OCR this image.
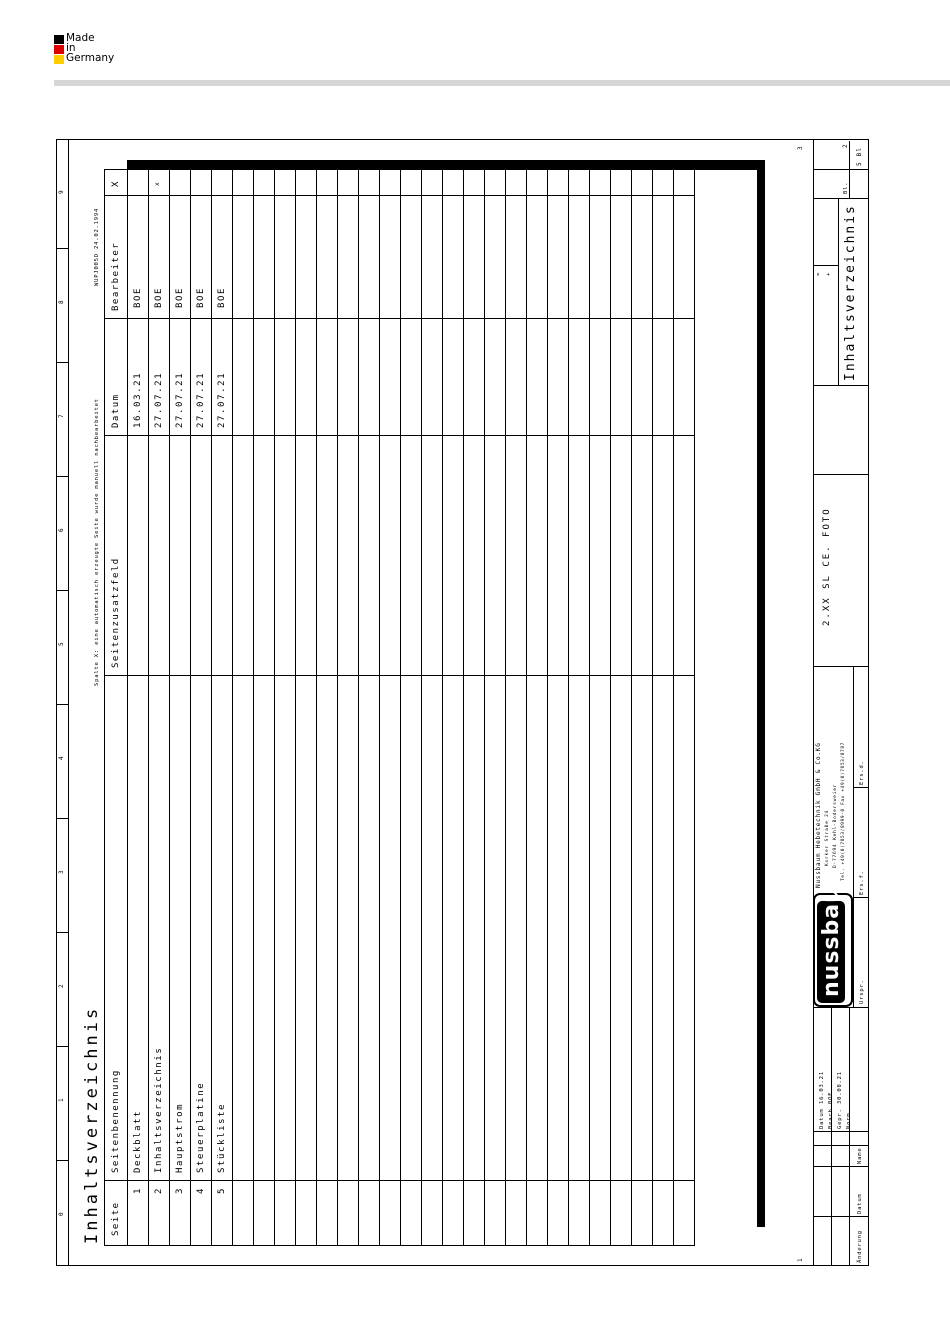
Made
in
Germany
0
1
2
3
4
5
6
7
8
9
Inhaltsverzeichnis
Spalte X: eine automatisch erzeugte Seite wurde manuell nachbearbeitet
WUPJ005D 24.02.1994
Seite
Seitenbenennung
Seitenzusatzfeld
Datum
Bearbeiter
X
1
Deckblatt
16.03.21
BOE
2
Inhaltsverzeichnis
27.07.21
BOE
x
3
Hauptstrom
27.07.21
BOE
4
Steuerplatine
27.07.21
BOE
5
Stückliste
27.07.21
BOE
1
3
Änderung
Datum
Name
Datum
16.03.21
Bearb
BOE
Gepr.
30.08.21
Norm
nussbaum
Nussbaum Hebetechnik GmbH & Co.KG Korker Straße 24 D-77694 Kehl-Bodersweier Tel. +49(0)7853/8999-0 Fax +49(0)7853/8787
Urspr.
Ers.f.
Ers.d.
2.XX SL CE. FOTO
Inhaltsverzeichnis
= +
Bl.
2
5 Bl
